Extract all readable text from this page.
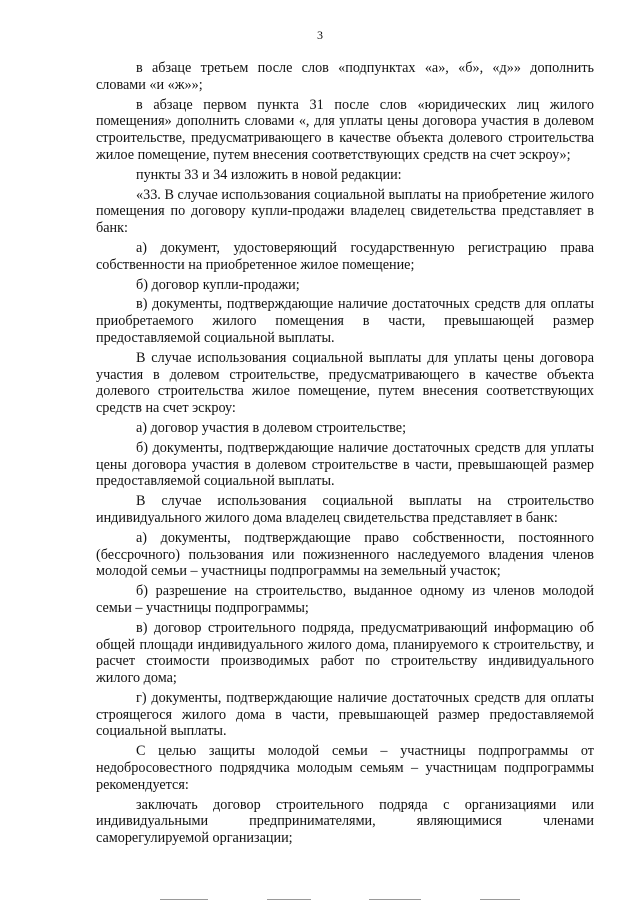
3

в абзаце третьем после слов «подпунктах «а», «б», «д»» дополнить словами «и «ж»»;

в абзаце первом пункта 31 после слов «юридических лиц жилого помещения» дополнить словами «, для уплаты цены договора участия в долевом строительстве, предусматривающего в качестве объекта долевого строительства жилое помещение, путем внесения соответствующих средств на счет эскроу»;

пункты 33 и 34 изложить в новой редакции:

«33. В случае использования социальной выплаты на приобретение жилого помещения по договору купли-продажи владелец свидетельства представляет в банк:

а) документ, удостоверяющий государственную регистрацию права собственности на приобретенное жилое помещение;

б) договор купли-продажи;

в) документы, подтверждающие наличие достаточных средств для оплаты приобретаемого жилого помещения в части, превышающей размер предоставляемой социальной выплаты.

В случае использования социальной выплаты для уплаты цены договора участия в долевом строительстве, предусматривающего в качестве объекта долевого строительства жилое помещение, путем внесения соответствующих средств на счет эскроу:

а) договор участия в долевом строительстве;

б) документы, подтверждающие наличие достаточных средств для уплаты цены договора участия в долевом строительстве в части, превышающей размер предоставляемой социальной выплаты.

В случае использования социальной выплаты на строительство индивидуального жилого дома владелец свидетельства представляет в банк:

а) документы, подтверждающие право собственности, постоянного (бессрочного) пользования или пожизненного наследуемого владения членов молодой семьи – участницы подпрограммы на земельный участок;

б) разрешение на строительство, выданное одному из членов молодой семьи – участницы подпрограммы;

в) договор строительного подряда, предусматривающий информацию об общей площади индивидуального жилого дома, планируемого к строительству, и расчет стоимости производимых работ по строительству индивидуального жилого дома;

г) документы, подтверждающие наличие достаточных средств для оплаты строящегося жилого дома в части, превышающей размер предоставляемой социальной выплаты.

С целью защиты молодой семьи – участницы подпрограммы от недобросовестного подрядчика молодым семьям – участницам подпрограммы рекомендуется:

заключать договор строительного подряда с организациями или индивидуальными предпринимателями, являющимися членами саморегулируемой организации;
